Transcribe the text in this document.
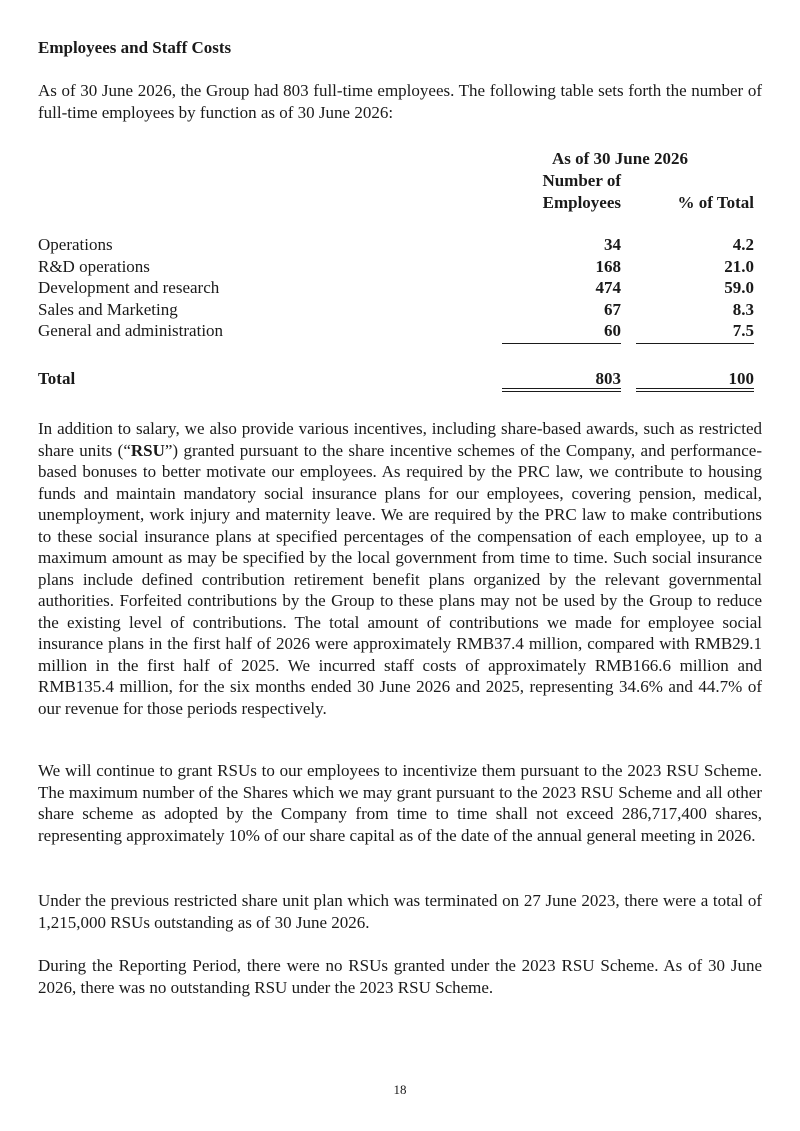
Employees and Staff Costs
As of 30 June 2026, the Group had 803 full-time employees. The following table sets forth the number of full-time employees by function as of 30 June 2026:
As of 30 June 2026
Number of
Employees	% of Total
Operations	34	4.2
R&D operations	168	21.0
Development and research	474	59.0
Sales and Marketing	67	8.3
General and administration	60	7.5
Total	803	100
In addition to salary, we also provide various incentives, including share-based awards, such as restricted share units (“RSU”) granted pursuant to the share incentive schemes of the Company, and performance-based bonuses to better motivate our employees. As required by the PRC law, we contribute to housing funds and maintain mandatory social insurance plans for our employees, covering pension, medical, unemployment, work injury and maternity leave. We are required by the PRC law to make contributions to these social insurance plans at specified percentages of the compensation of each employee, up to a maximum amount as may be specified by the local government from time to time. Such social insurance plans include defined contribution retirement benefit plans organized by the relevant governmental authorities. Forfeited contributions by the Group to these plans may not be used by the Group to reduce the existing level of contributions. The total amount of contributions we made for employee social insurance plans in the first half of 2026 were approximately RMB37.4 million, compared with RMB29.1 million in the first half of 2025. We incurred staff costs of approximately RMB166.6 million and RMB135.4 million, for the six months ended 30 June 2026 and 2025, representing 34.6% and 44.7% of our revenue for those periods respectively.
We will continue to grant RSUs to our employees to incentivize them pursuant to the 2023 RSU Scheme. The maximum number of the Shares which we may grant pursuant to the 2023 RSU Scheme and all other share scheme as adopted by the Company from time to time shall not exceed 286,717,400 shares, representing approximately 10% of our share capital as of the date of the annual general meeting in 2026.
Under the previous restricted share unit plan which was terminated on 27 June 2023, there were a total of 1,215,000 RSUs outstanding as of 30 June 2026.
During the Reporting Period, there were no RSUs granted under the 2023 RSU Scheme. As of 30 June 2026, there was no outstanding RSU under the 2023 RSU Scheme.
18
